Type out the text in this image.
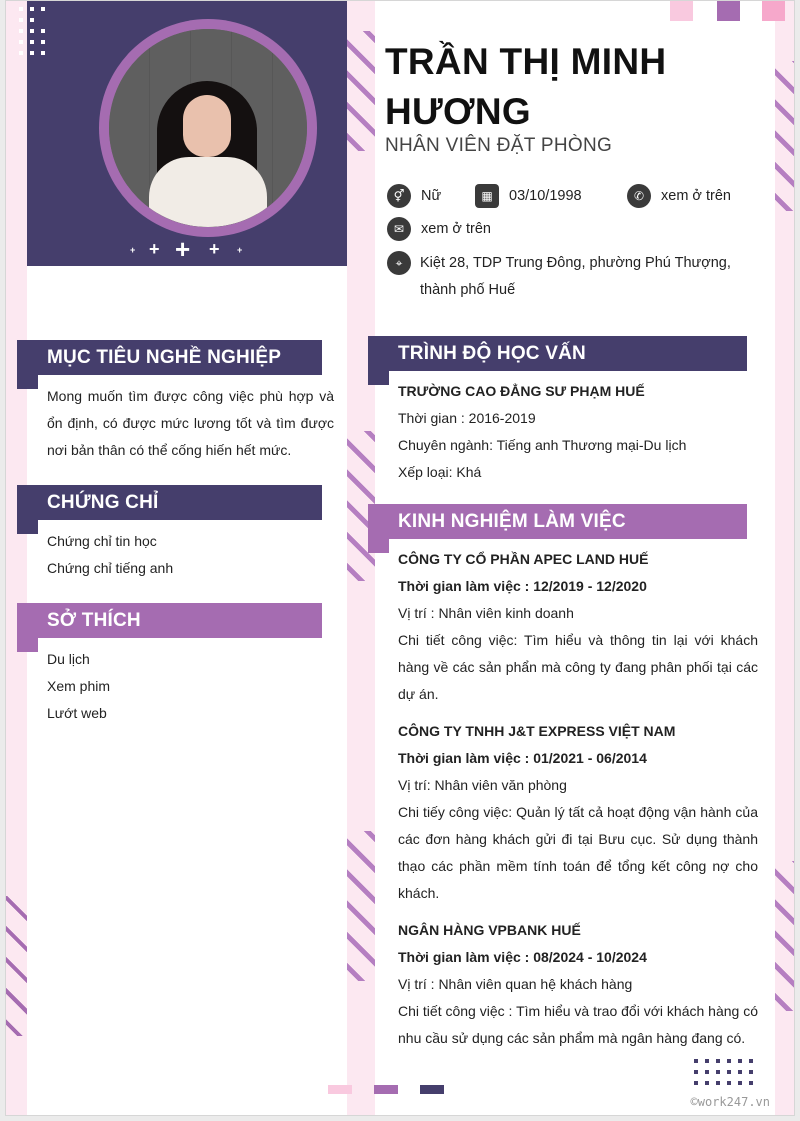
+ + + + +
TRẦN THỊ MINH HƯƠNG
NHÂN VIÊN ĐẶT PHÒNG
⚥	Nữ	▦	03/10/1998	✆	xem ở trên
✉	xem ở trên
⌖	Kiệt 28, TDP Trung Đông, phường Phú Thượng, thành phố Huế
MỤC TIÊU NGHỀ NGHIỆP
Mong muốn tìm được công việc phù hợp và ổn định, có được mức lương tốt và tìm được nơi bản thân có thể cống hiến hết mức.
CHỨNG CHỈ
Chứng chỉ tin học
Chứng chỉ tiếng anh
SỞ THÍCH
Du lịch
Xem phim
Lướt web
TRÌNH ĐỘ HỌC VẤN
TRƯỜNG CAO ĐẲNG SƯ PHẠM HUẾ
Thời gian : 2016-2019
Chuyên ngành: Tiếng anh Thương mại-Du lịch
Xếp loại: Khá
KINH NGHIỆM LÀM VIỆC
CÔNG TY CỔ PHẦN APEC LAND HUẾ
Thời gian làm việc : 12/2019 - 12/2020
Vị trí : Nhân viên kinh doanh
Chi tiết công việc: Tìm hiểu và thông tin lại với khách hàng về các sản phẩn mà công ty đang phân phối tại các dự án.
CÔNG TY TNHH J&T EXPRESS VIỆT NAM
Thời gian làm việc : 01/2021 - 06/2014
Vị trí: Nhân viên văn phòng
Chi tiếy công việc: Quản lý tất cả hoạt động vận hành của các đơn hàng khách gửi đi tại Bưu cục. Sử dụng thành thạo các phần mềm tính toán để tổng kết công nợ cho khách.
NGÂN HÀNG VPBANK HUẾ
Thời gian làm việc : 08/2024 - 10/2024
Vị trí : Nhân viên quan hệ khách hàng
Chi tiết công việc : Tìm hiểu và trao đổi với khách hàng có nhu cầu sử dụng các sản phẩm mà ngân hàng đang có.
©work247.vn
